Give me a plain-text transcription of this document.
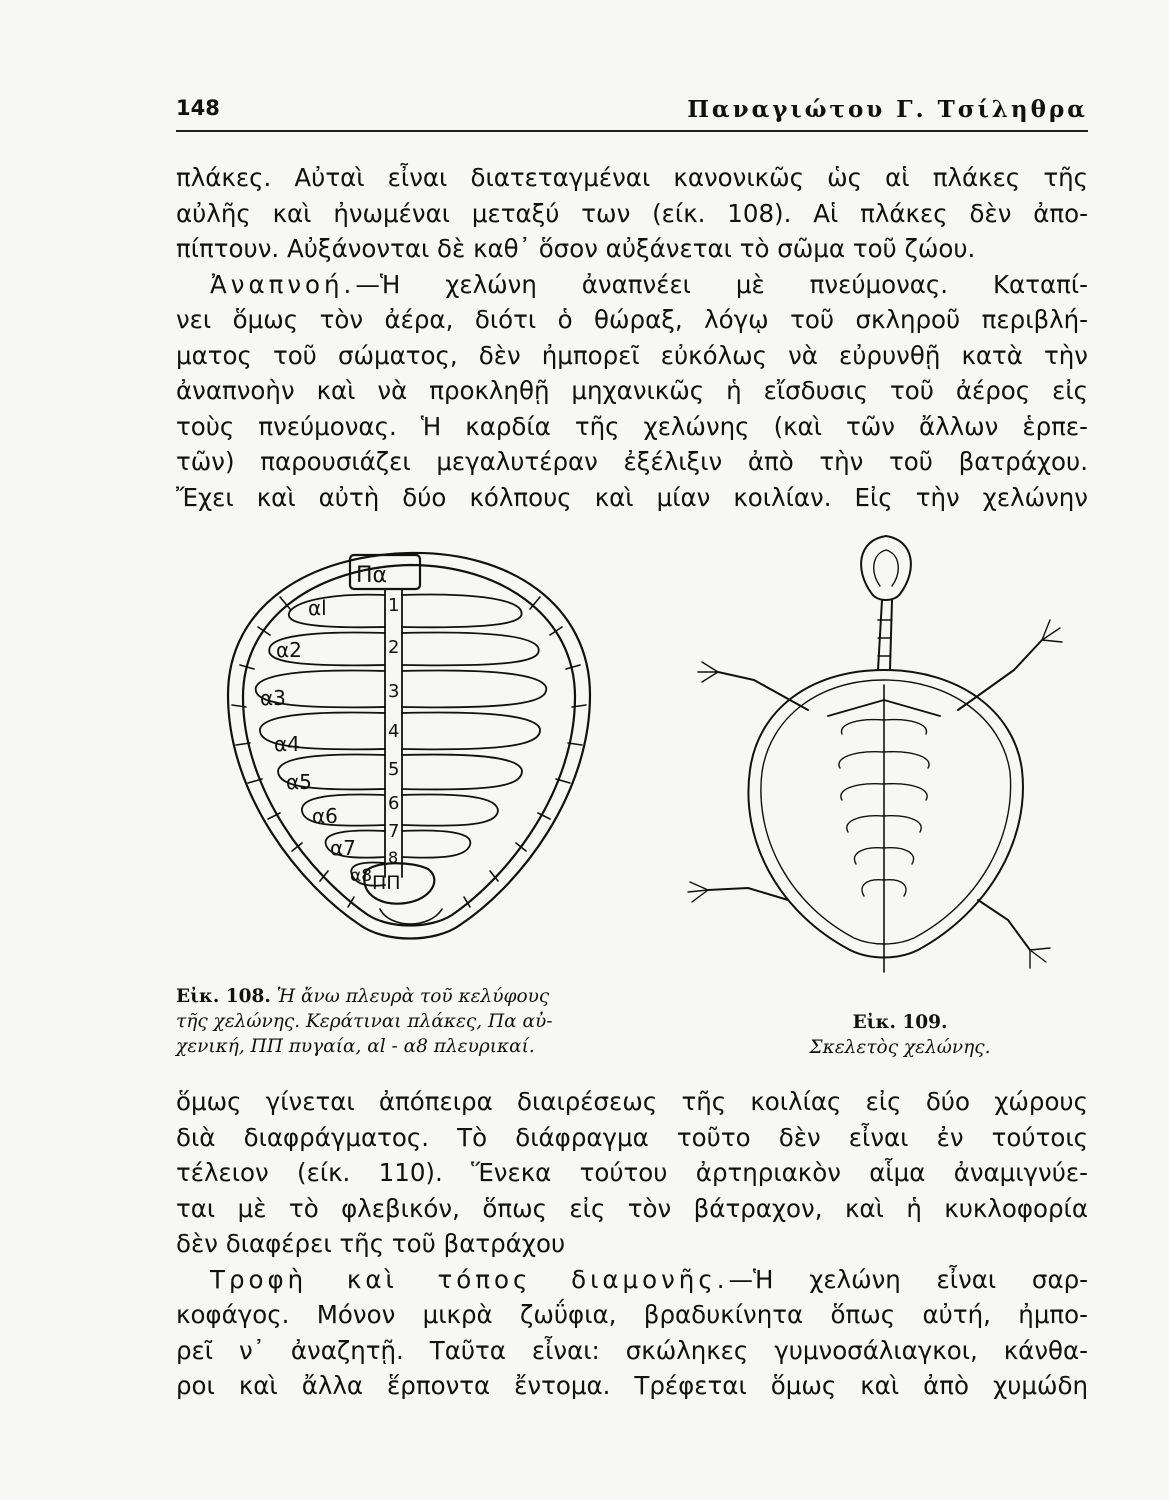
148	Παναγιώτου Γ. Τσίληθρα

πλάκες. Αὐταὶ εἶναι διατεταγμέναι κανονικῶς ὡς αἱ πλάκες τῆς

αὐλῆς καὶ ἠνωμέναι μεταξύ των (είκ. 108). Αἱ πλάκες δὲν ἀπο-

πίπτουν. Αὐξάνονται δὲ καθ᾽ ὅσον αὐξάνεται τὸ σῶμα τοῦ ζώου.

Ἀναπνοή.—Ἡ χελώνη ἀναπνέει μὲ πνεύμονας. Καταπί-

νει ὅμως τὸν ἀέρα, διότι ὁ θώραξ, λόγῳ τοῦ σκληροῦ περιβλή-

ματος τοῦ σώματος, δὲν ἠμπορεῖ εὐκόλως νὰ εὐρυνθῇ κατὰ τὴν

ἀναπνοὴν καὶ νὰ προκληθῇ μηχανικῶς ἡ εἴσδυσις τοῦ ἀέρος εἰς

τοὺς πνεύμονας. Ἡ καρδία τῆς χελώνης (καὶ τῶν ἄλλων ἑρπε-

τῶν) παρουσιάζει μεγαλυτέραν ἐξέλιξιν ἀπὸ τὴν τοῦ βατράχου.

Ἔχει καὶ αὐτὴ δύο κόλπους καὶ μίαν κοιλίαν. Εἰς τὴν χελώνην

Πα
αl
α2
α3
α4
α5
α6
α7
α8 ΠΠ
1
2
3
4
5
6
7
8
Εἰκ. 108. Ἡ ἄνω πλευρὰ τοῦ κελύφους
τῆς χελώνης. Κεράτιναι πλάκες, Πα αὐ-
χενική, ΠΠ πυγαία, αl - α8 πλευρικαί.
Εἰκ. 109.
Σκελετὸς χελώνης.

ὅμως γίνεται ἀπόπειρα διαιρέσεως τῆς κοιλίας εἰς δύο χώρους

διὰ διαφράγματος. Τὸ διάφραγμα τοῦτο δὲν εἶναι ἐν τούτοις

τέλειον (είκ. 110). Ἕνεκα τούτου ἀρτηριακὸν αἷμα ἀναμιγνύε-

ται μὲ τὸ φλεβικόν, ὅπως εἰς τὸν βάτραχον, καὶ ἡ κυκλοφορία

δὲν διαφέρει τῆς τοῦ βατράχου

Τροφὴ καὶ τόπος διαμονῆς.—Ἡ χελώνη εἶναι σαρ-

κοφάγος. Μόνον μικρὰ ζωΰφια, βραδυκίνητα ὅπως αὐτή, ἠμπο-

ρεῖ ν᾽ ἀναζητῇ. Ταῦτα εἶναι: σκώληκες γυμνοσάλιαγκοι, κάνθα-

ροι καὶ ἄλλα ἕρποντα ἔντομα. Τρέφεται ὅμως καὶ ἀπὸ χυμώδη
